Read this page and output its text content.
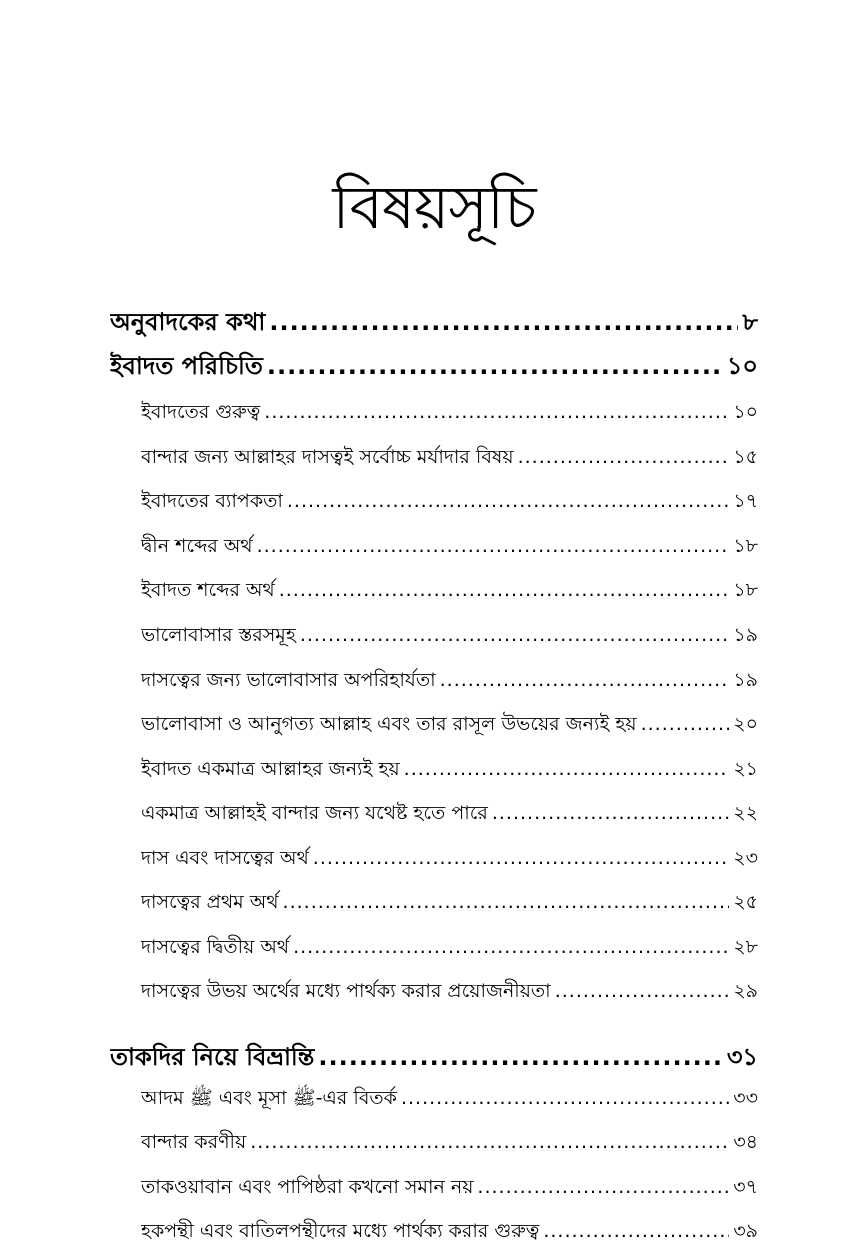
বিষয়সূচি
অনুবাদকের কথা .....	৮
ইবাদত পরিচিতি .....	১০
ইবাদতের গুরুত্ব .....	১০
বান্দার জন্য আল্লাহর দাসত্বই সর্বোচ্চ মর্যাদার বিষয় .....	১৫
ইবাদতের ব্যাপকতা .....	১৭
দ্বীন শব্দের অর্থ .....	১৮
ইবাদত শব্দের অর্থ .....	১৮
ভালোবাসার স্তরসমূহ .....	১৯
দাসত্বের জন্য ভালোবাসার অপরিহার্যতা .....	১৯
ভালোবাসা ও আনুগত্য আল্লাহ এবং তার রাসূল উভয়ের জন্যই হয় .....	২০
ইবাদত একমাত্র আল্লাহর জন্যই হয় .....	২১
একমাত্র আল্লাহই বান্দার জন্য যথেষ্ট হতে পারে .....	২২
দাস এবং দাসত্বের অর্থ .....	২৩
দাসত্বের প্রথম অর্থ .....	২৫
দাসত্বের দ্বিতীয় অর্থ .....	২৮
দাসত্বের উভয় অর্থের মধ্যে পার্থক্য করার প্রয়োজনীয়তা .....	২৯
তাকদির নিয়ে বিভ্রান্তি .....	৩১
আদম ﷺ এবং মূসা ﷺ-এর বিতর্ক .....	৩৩
বান্দার করণীয় .....	৩৪
তাকওয়াবান এবং পাপিষ্ঠরা কখনো সমান নয় .....	৩৭
হকপন্থী এবং বাতিলপন্থীদের মধ্যে পার্থক্য করার গুরুত্ব .....	৩৯
